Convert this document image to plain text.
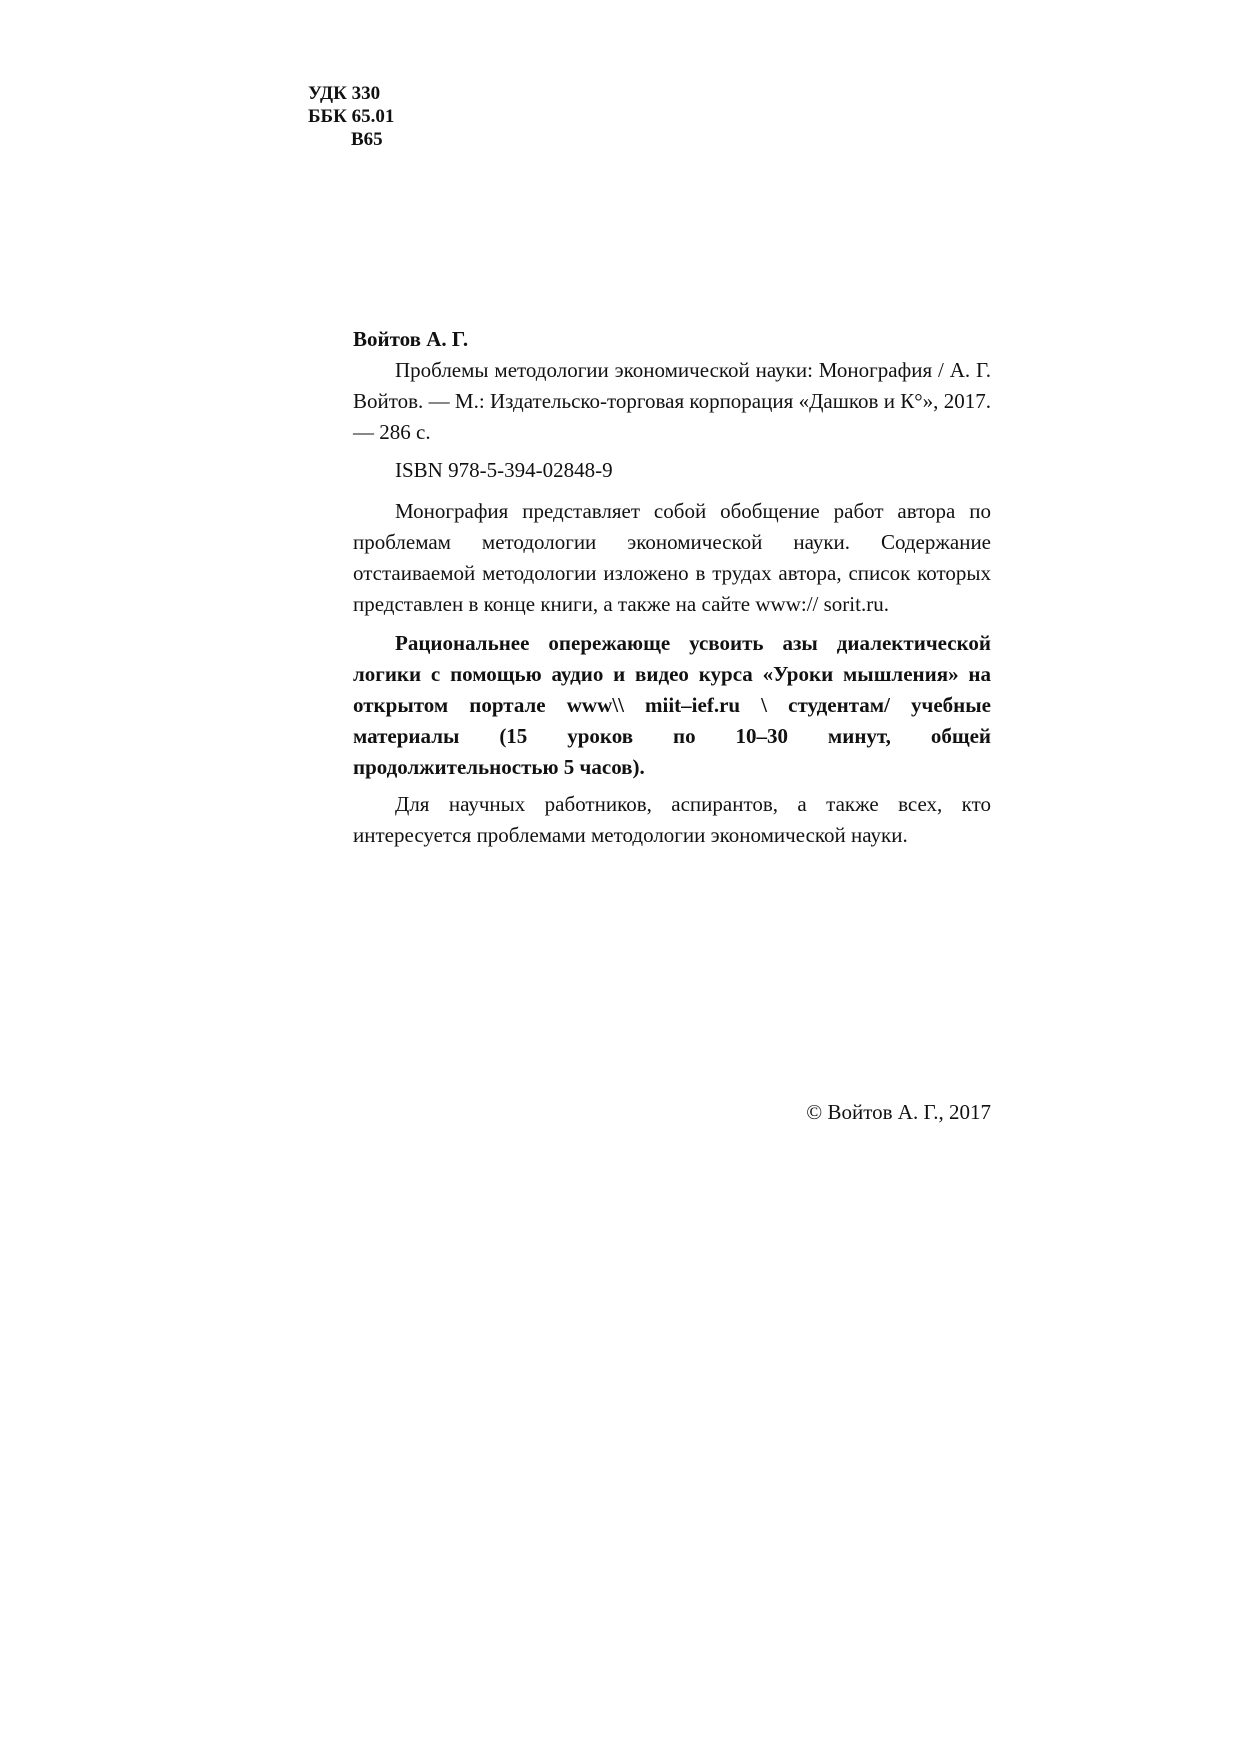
УДК 330
ББК 65.01
В65

Войтов А. Г.

Проблемы методологии экономической науки: Монография / А. Г. Войтов. — М.: Издательско-торговая корпорация «Дашков и К°», 2017. — 286 с.

ISBN 978-5-394-02848-9

Монография представляет собой обобщение работ автора по проблемам методологии экономической науки. Содержание отстаиваемой методологии изложено в трудах автора, список которых представлен в конце книги, а также на сайте www:// sorit.ru.

Рациональнее опережающе усвоить азы диалектической логики с помощью аудио и видео курса «Уроки мышления» на открытом портале www\\ miit–ief.ru \ студентам/ учебные материалы (15 уроков по 10–30 минут, общей продолжительностью 5 часов).

Для научных работников, аспирантов, а также всех, кто интересуется проблемами методологии экономической науки.

© Войтов А. Г., 2017
